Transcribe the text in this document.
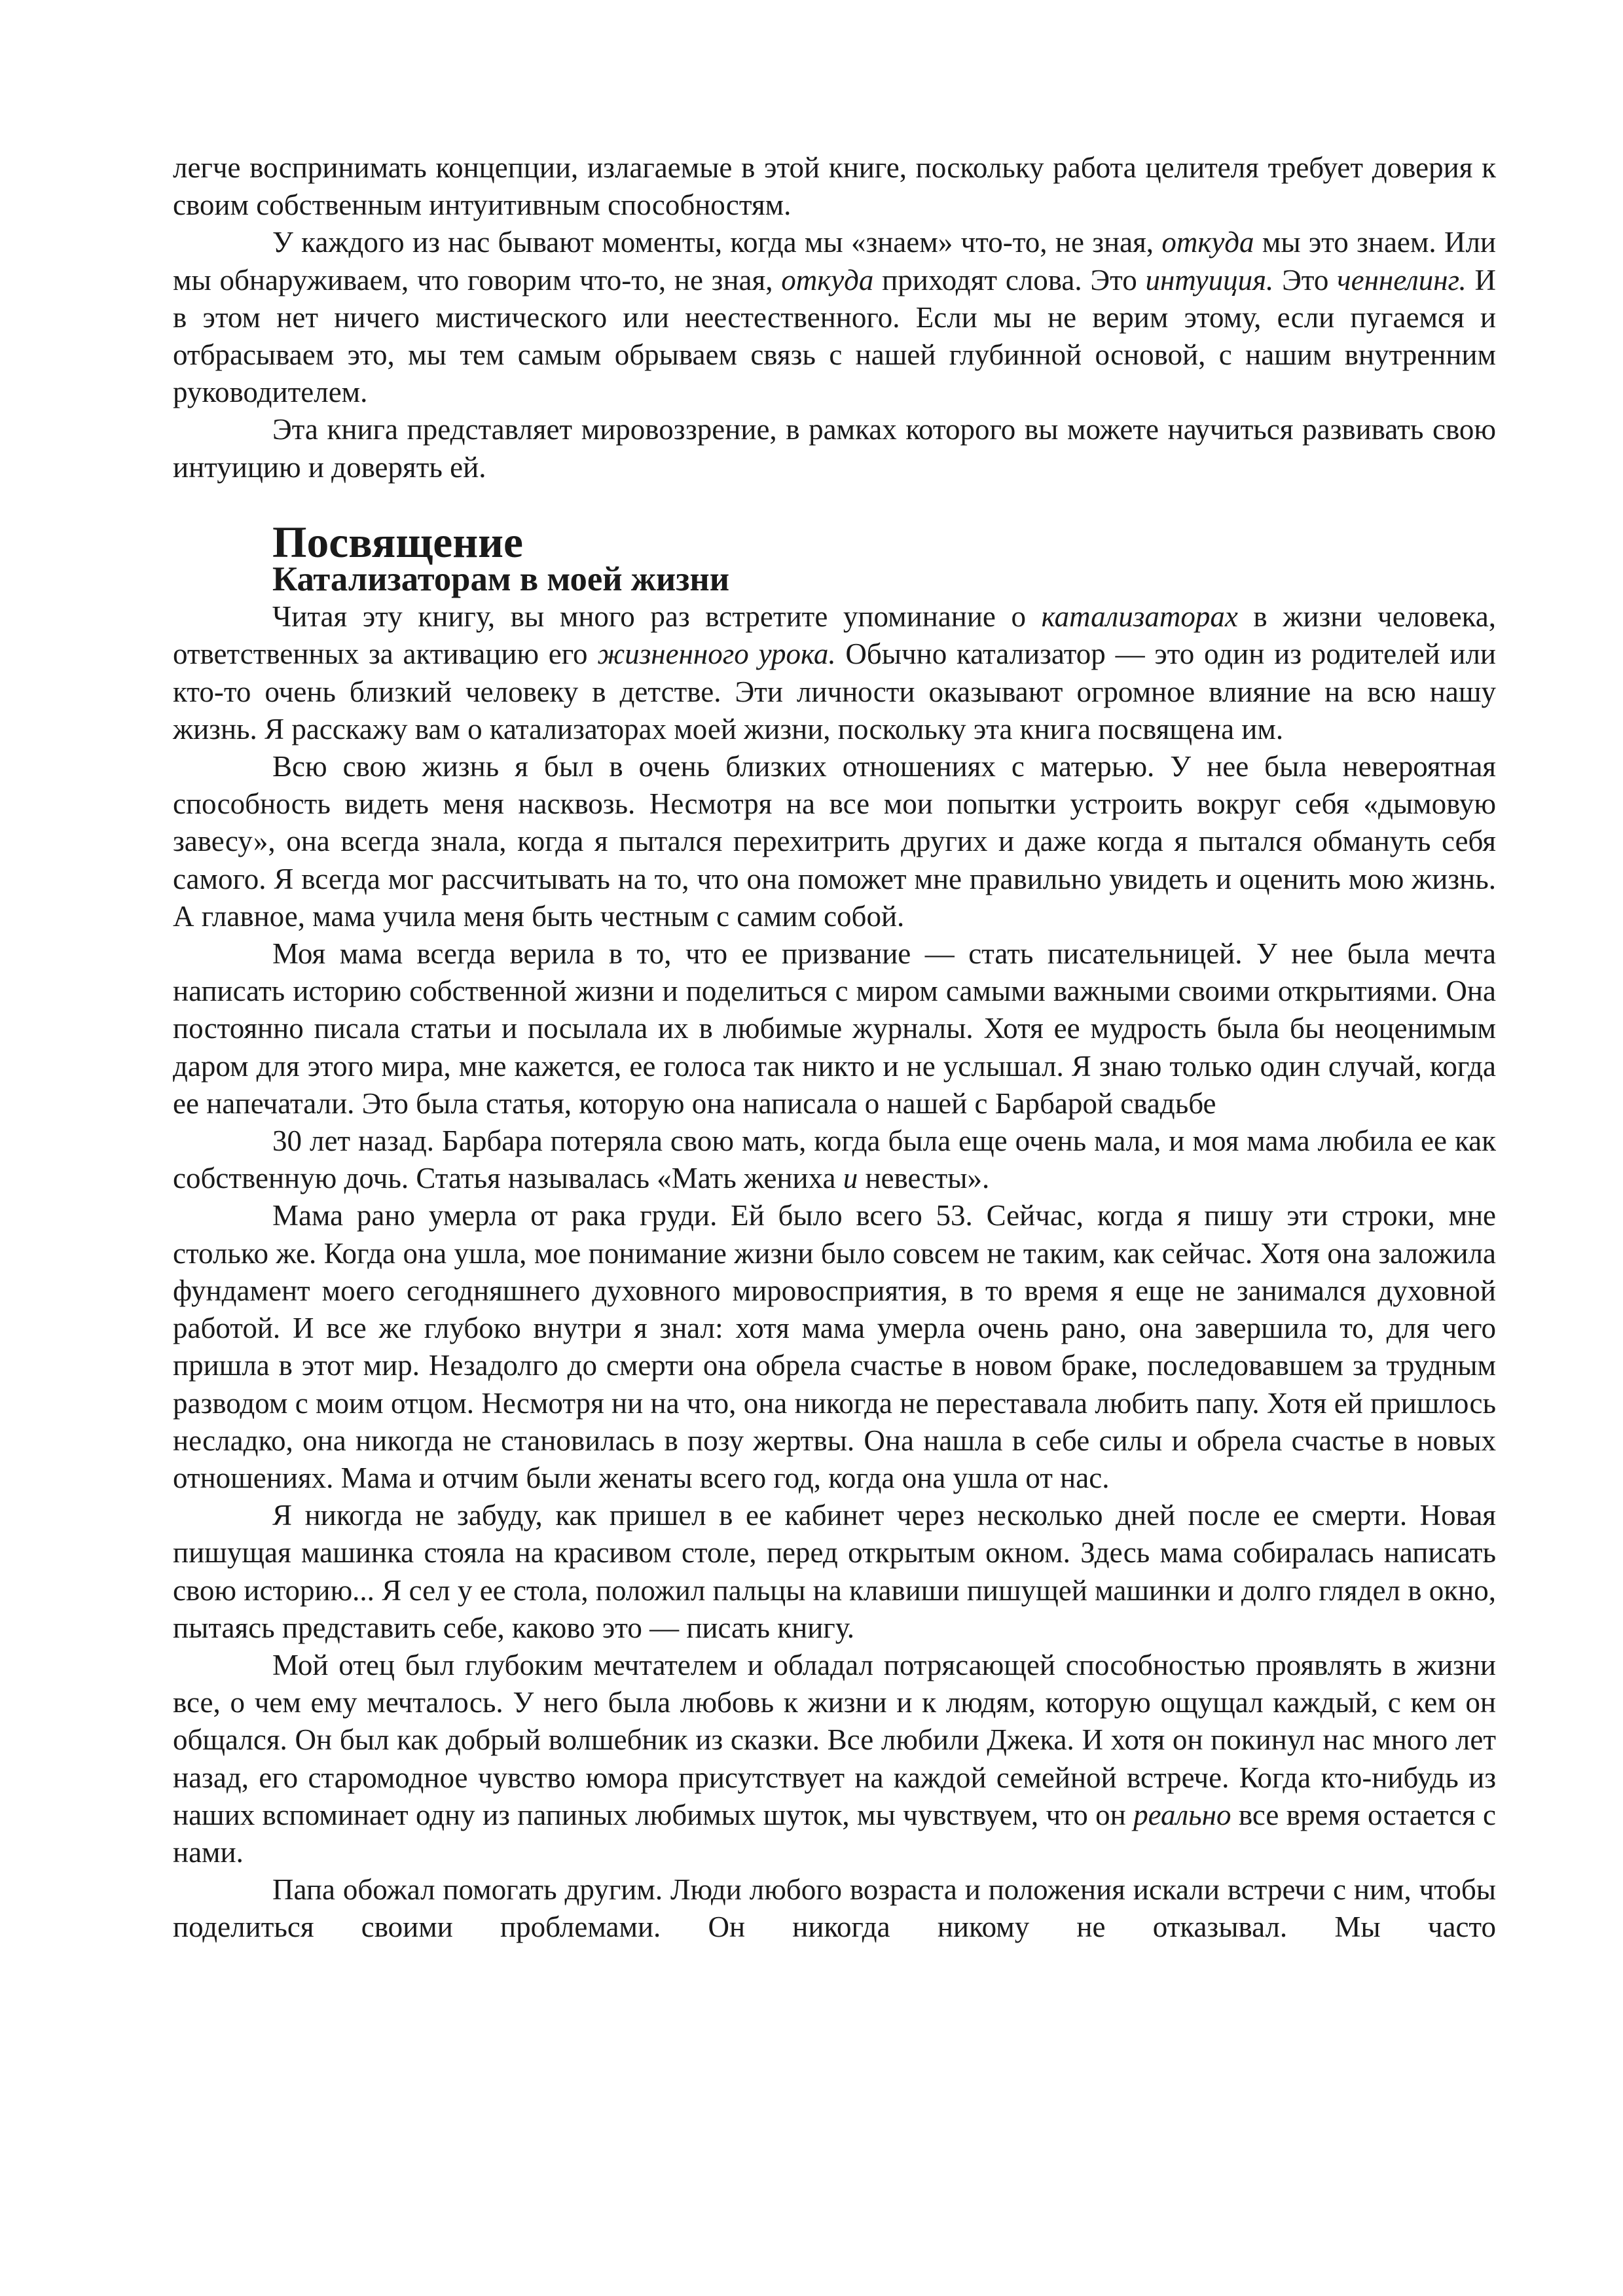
легче воспринимать концепции, излагаемые в этой книге, поскольку работа целителя требует доверия к своим собственным интуитивным способностям.

У каждого из нас бывают моменты, когда мы «знаем» что-то, не зная, откуда мы это знаем. Или мы обнаруживаем, что говорим что-то, не зная, откуда приходят слова. Это интуиция. Это ченнелинг. И в этом нет ничего мистического или неестественного. Если мы не верим этому, если пугаемся и отбрасываем это, мы тем самым обрываем связь с нашей глубинной основой, с нашим внутренним руководителем.

Эта книга представляет мировоззрение, в рамках которого вы можете научиться развивать свою интуицию и доверять ей.

Посвящение
Катализаторам в моей жизни

Читая эту книгу, вы много раз встретите упоминание о катализаторах в жизни человека, ответственных за активацию его жизненного урока. Обычно катализатор — это один из родителей или кто-то очень близкий человеку в детстве. Эти личности оказывают огромное влияние на всю нашу жизнь. Я расскажу вам о катализаторах моей жизни, поскольку эта книга посвящена им.

Всю свою жизнь я был в очень близких отношениях с матерью. У нее была невероятная способность видеть меня насквозь. Несмотря на все мои попытки устроить вокруг себя «дымовую завесу», она всегда знала, когда я пытался перехитрить других и даже когда я пытался обмануть себя самого. Я всегда мог рассчитывать на то, что она поможет мне правильно увидеть и оценить мою жизнь. А главное, мама учила меня быть честным с самим собой.

Моя мама всегда верила в то, что ее призвание — стать писательницей. У нее была мечта написать историю собственной жизни и поделиться с миром самыми важными своими открытиями. Она постоянно писала статьи и посылала их в любимые журналы. Хотя ее мудрость была бы неоценимым даром для этого мира, мне кажется, ее голоса так никто и не услышал. Я знаю только один случай, когда ее напечатали. Это была статья, которую она написала о нашей с Барбарой свадьбе

30 лет назад. Барбара потеряла свою мать, когда была еще очень мала, и моя мама любила ее как собственную дочь. Статья называлась «Мать жениха и невесты».

Мама рано умерла от рака груди. Ей было всего 53. Сейчас, когда я пишу эти строки, мне столько же. Когда она ушла, мое понимание жизни было совсем не таким, как сейчас. Хотя она заложила фундамент моего сегодняшнего духовного мировосприятия, в то время я еще не занимался духовной работой. И все же глубоко внутри я знал: хотя мама умерла очень рано, она завершила то, для чего пришла в этот мир. Незадолго до смерти она обрела счастье в новом браке, последовавшем за трудным разводом с моим отцом. Несмотря ни на что, она никогда не переставала любить папу. Хотя ей пришлось несладко, она никогда не становилась в позу жертвы. Она нашла в себе силы и обрела счастье в новых отношениях. Мама и отчим были женаты всего год, когда она ушла от нас.

Я никогда не забуду, как пришел в ее кабинет через несколько дней после ее смерти. Новая пишущая машинка стояла на красивом столе, перед открытым окном. Здесь мама собиралась написать свою историю... Я сел у ее стола, положил пальцы на клавиши пишущей машинки и долго глядел в окно, пытаясь представить себе, каково это — писать книгу.

Мой отец был глубоким мечтателем и обладал потрясающей способностью проявлять в жизни все, о чем ему мечталось. У него была любовь к жизни и к людям, которую ощущал каждый, с кем он общался. Он был как добрый волшебник из сказки. Все любили Джека. И хотя он покинул нас много лет назад, его старомодное чувство юмора присутствует на каждой семейной встрече. Когда кто-нибудь из наших вспоминает одну из папиных любимых шуток, мы чувствуем, что он реально все время остается с нами.

Папа обожал помогать другим. Люди любого возраста и положения искали встречи с ним, чтобы поделиться своими проблемами. Он никогда никому не отказывал. Мы часто
